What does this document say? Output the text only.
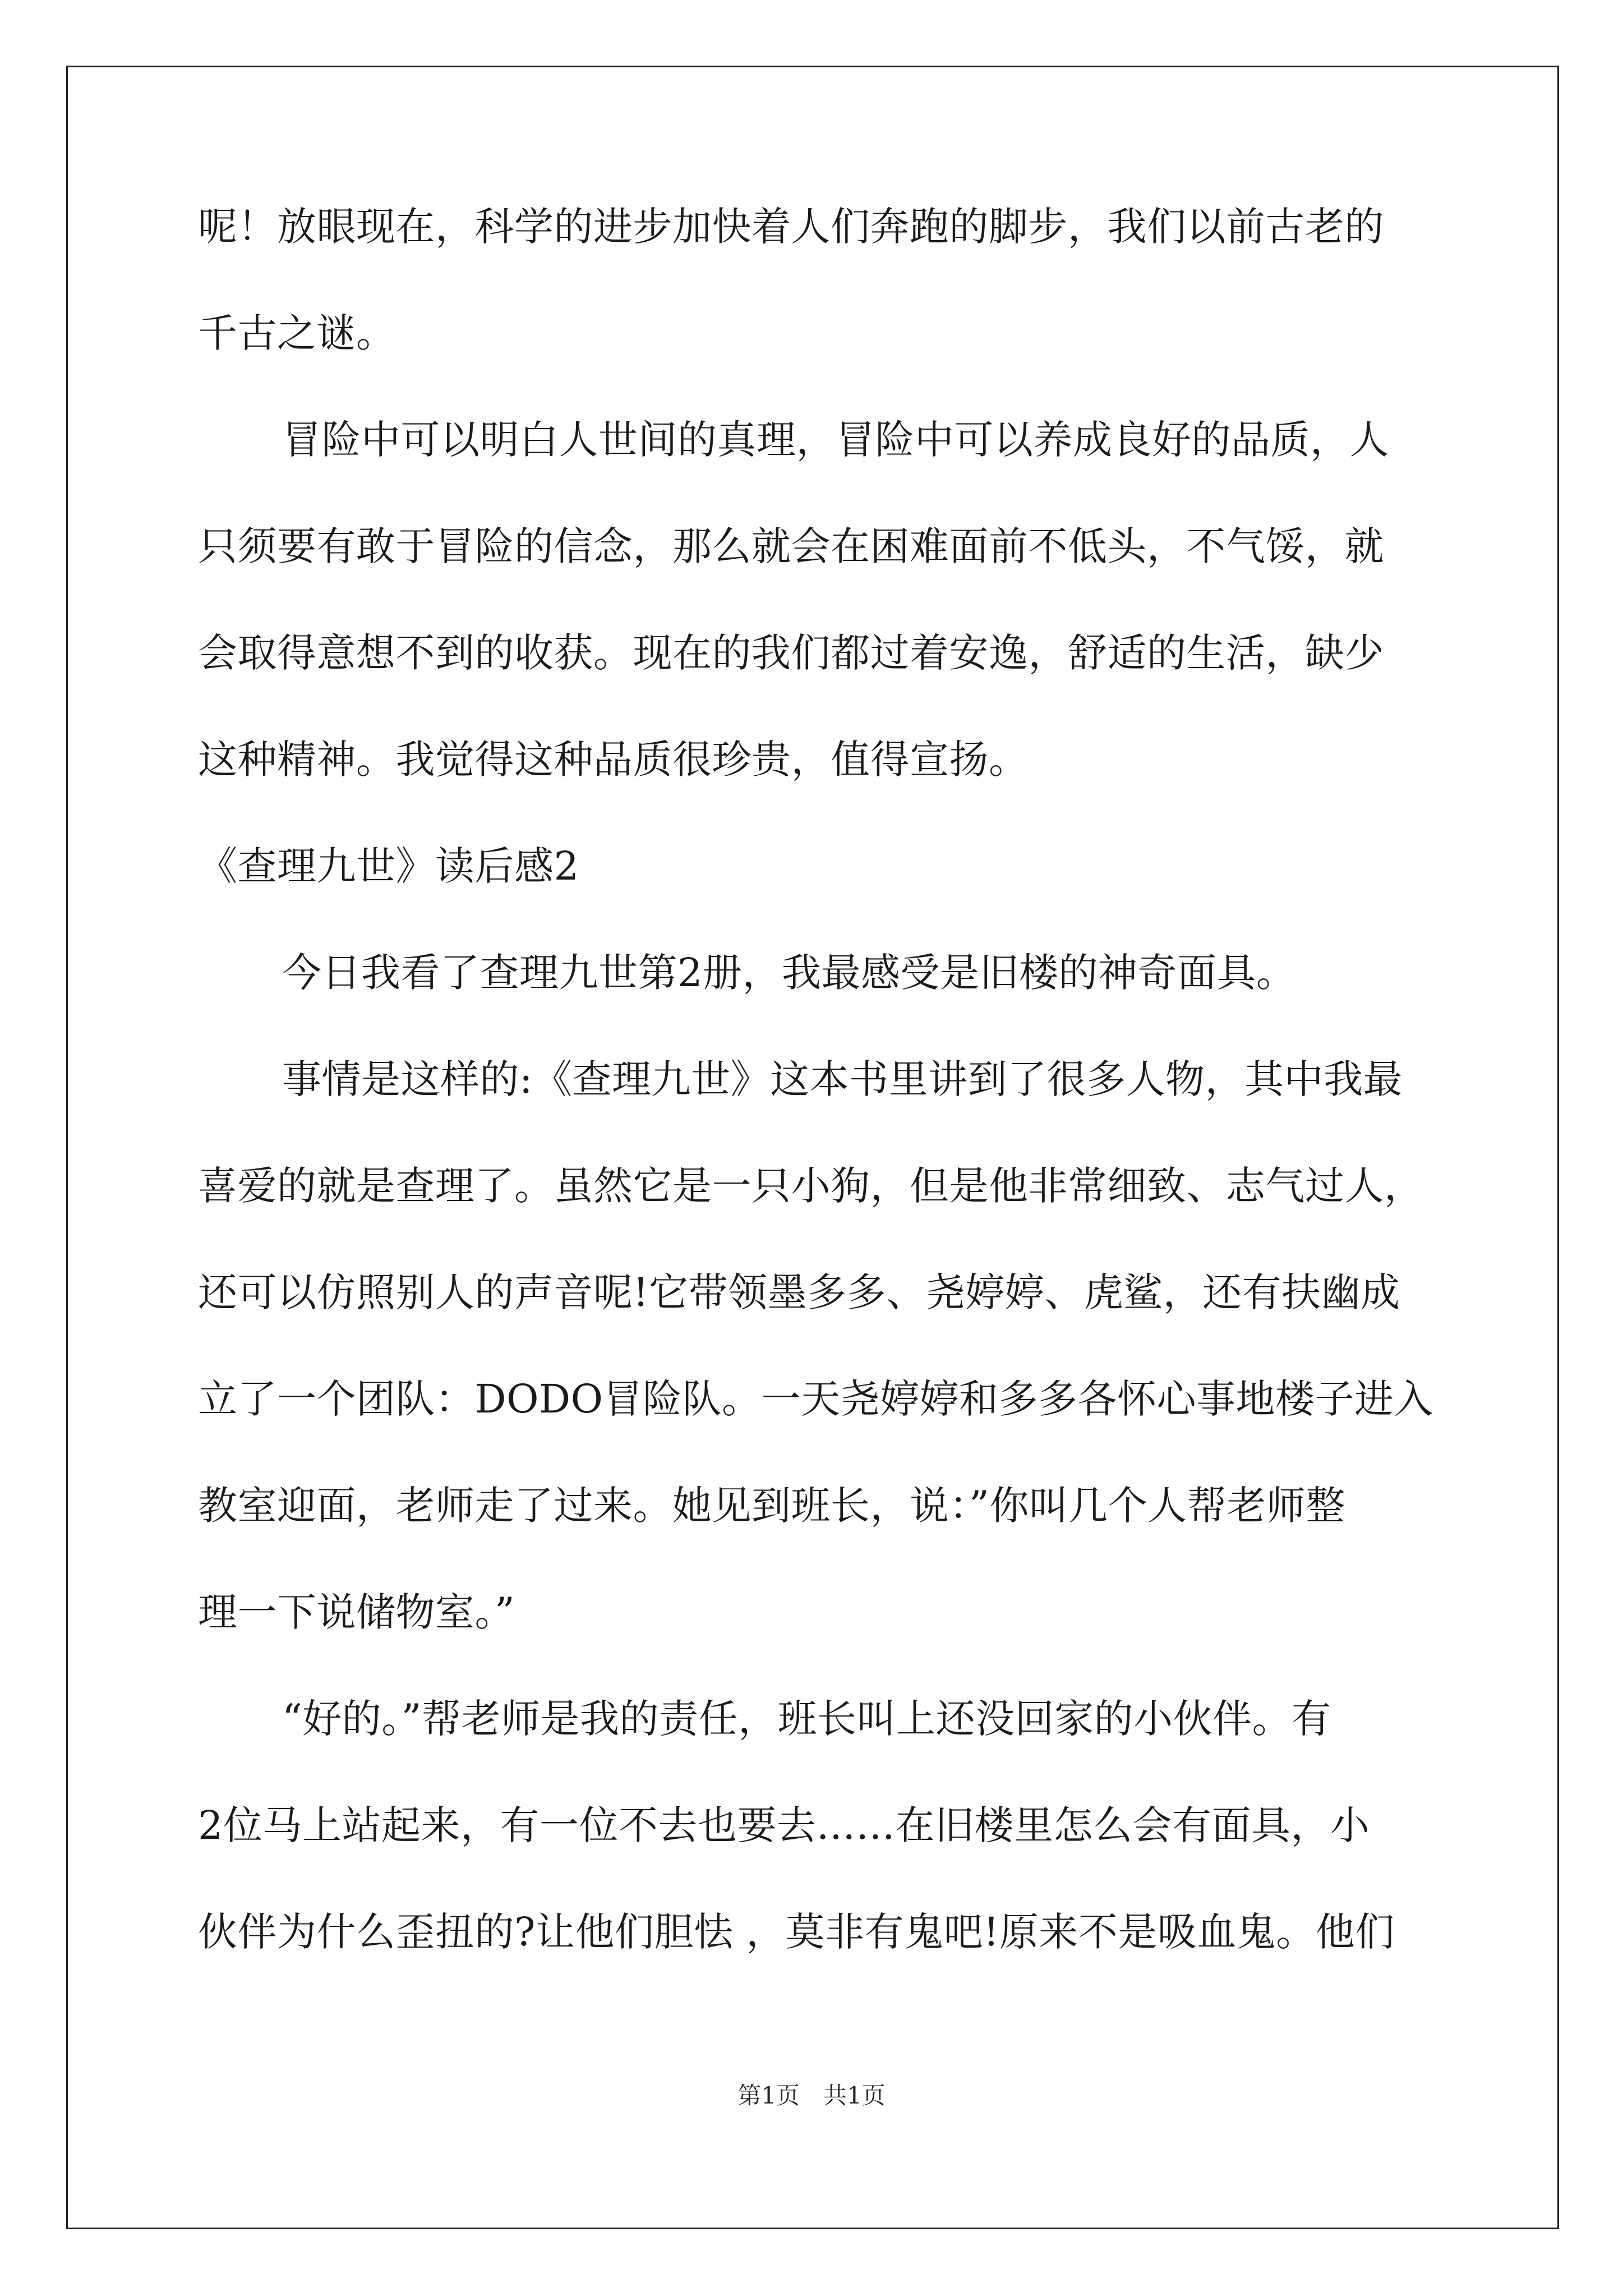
呢！放眼现在，科学的进步加快着人们奔跑的脚步，我们以前古老的

千古之谜。

冒险中可以明白人世间的真理，冒险中可以养成良好的品质，人

只须要有敢于冒险的信念，那么就会在困难面前不低头，不气馁，就

会取得意想不到的收获。现在的我们都过着安逸，舒适的生活，缺少

这种精神。我觉得这种品质很珍贵，值得宣扬。

《查理九世》读后感2

今日我看了查理九世第2册，我最感受是旧楼的神奇面具。

事情是这样的:《查理九世》这本书里讲到了很多人物，其中我最

喜爱的就是查理了。虽然它是一只小狗，但是他非常细致、志气过人，

还可以仿照别人的声音呢!它带领墨多多、尧婷婷、虎鲨，还有扶幽成

立了一个团队：DODO冒险队。一天尧婷婷和多多各怀心事地楼子进入

教室迎面，老师走了过来。她见到班长，说：”你叫几个人帮老师整

理一下说储物室。”

“好的。”帮老师是我的责任，班长叫上还没回家的小伙伴。有

2位马上站起来，有一位不去也要去……在旧楼里怎么会有面具，小

伙伴为什么歪扭的?让他们胆怯 ，莫非有鬼吧!原来不是吸血鬼。他们

第1页　共1页
